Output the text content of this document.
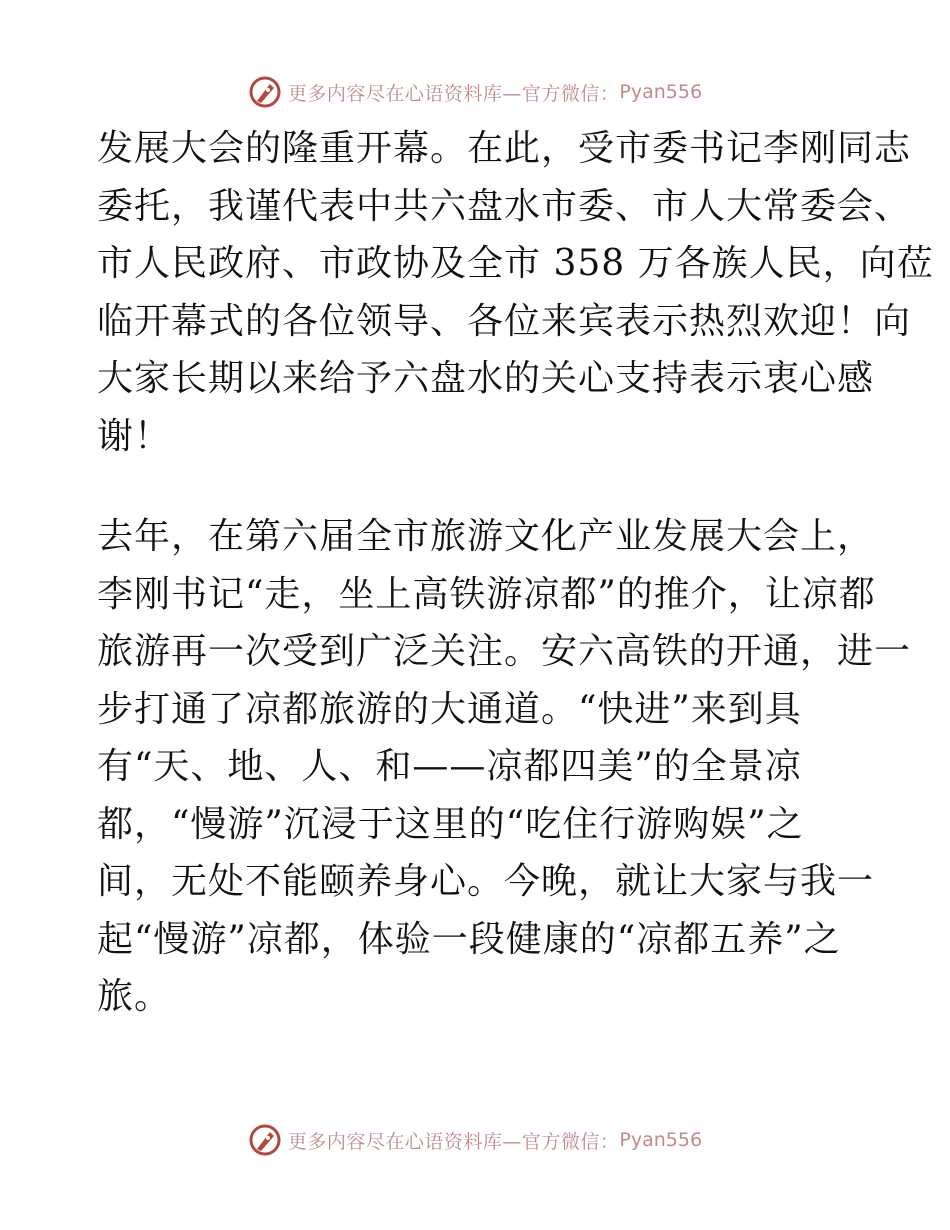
更多内容尽在心语资料库—官方微信： Pyan556
发展大会的隆重开幕。在此，受市委书记李刚同志
委托，我谨代表中共六盘水市委、市人大常委会、
市人民政府、市政协及全市 358 万各族人民，向莅
临开幕式的各位领导、各位来宾表示热烈欢迎！向
大家长期以来给予六盘水的关心支持表示衷心感
谢！
去年，在第六届全市旅游文化产业发展大会上，
李刚书记“走，坐上高铁游凉都”的推介，让凉都
旅游再一次受到广泛关注。安六高铁的开通，进一
步打通了凉都旅游的大通道。“快进”来到具
有“天、地、人、和——凉都四美”的全景凉
都，“慢游”沉浸于这里的“吃住行游购娱”之
间，无处不能颐养身心。今晚，就让大家与我一
起“慢游”凉都，体验一段健康的“凉都五养”之
旅。
更多内容尽在心语资料库—官方微信： Pyan556
